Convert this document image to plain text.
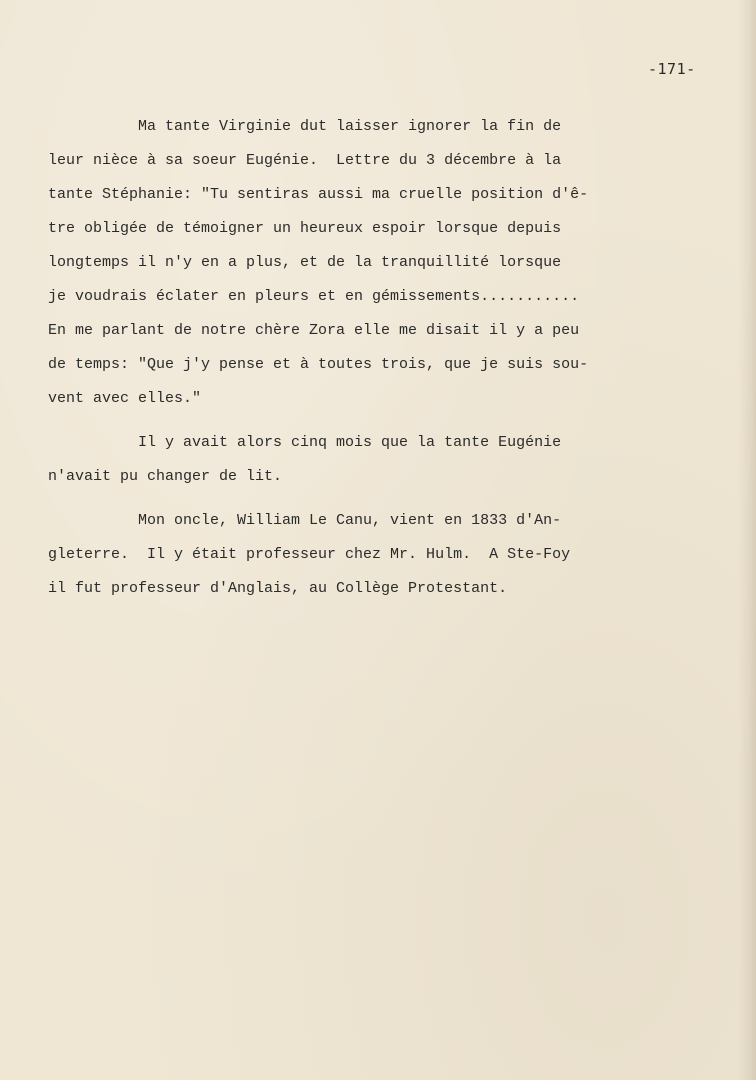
-171-
Ma tante Virginie dut laisser ignorer la fin de
leur nièce à sa soeur Eugénie.  Lettre du 3 décembre à la
tante Stéphanie: "Tu sentiras aussi ma cruelle position d'ê-
tre obligée de témoigner un heureux espoir lorsque depuis
longtemps il n'y en a plus, et de la tranquillité lorsque
je voudrais éclater en pleurs et en gémissements...........
En me parlant de notre chère Zora elle me disait il y a peu
de temps: "Que j'y pense et à toutes trois, que je suis sou-
vent avec elles."
Il y avait alors cinq mois que la tante Eugénie
n'avait pu changer de lit.
Mon oncle, William Le Canu, vient en 1833 d'An-
gleterre.  Il y était professeur chez Mr. Hulm.  A Ste-Foy
il fut professeur d'Anglais, au Collège Protestant.
